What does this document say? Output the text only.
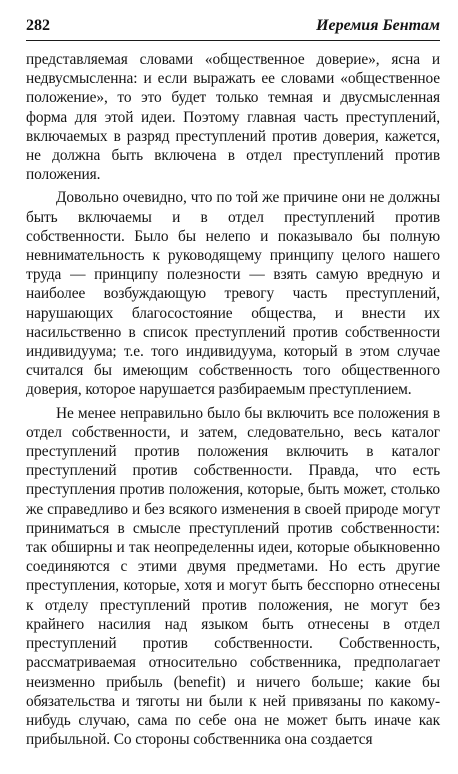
282	Иеремия Бентам

представляемая словами «общественное доверие», ясна и недвусмысленна: и если выражать ее словами «общественное положение», то это будет только темная и двусмысленная форма для этой идеи. Поэтому главная часть преступлений, включаемых в разряд преступлений против доверия, кажется, не должна быть включена в отдел преступлений против положения.

Довольно очевидно, что по той же причине они не должны быть включаемы и в отдел преступлений против собственности. Было бы нелепо и показывало бы полную невнимательность к руководящему принципу целого нашего труда — принципу полезности — взять самую вредную и наиболее возбуждающую тревогу часть преступлений, нарушающих благосостояние общества, и внести их насильственно в список преступлений против собственности индивидуума; т.е. того индивидуума, который в этом случае считался бы имеющим собственность того общественного доверия, которое нарушается разбираемым преступлением.

Не менее неправильно было бы включить все положения в отдел собственности, и затем, следовательно, весь каталог преступлений против положения включить в каталог преступлений против собственности. Правда, что есть преступления против положения, которые, быть может, столько же справедливо и без всякого изменения в своей природе могут приниматься в смысле преступлений против собственности: так обширны и так неопределенны идеи, которые обыкновенно соединяются с этими двумя предметами. Но есть другие преступления, которые, хотя и могут быть бесспорно отнесены к отделу преступлений против положения, не могут без крайнего насилия над языком быть отнесены в отдел преступлений против собственности. Собственность, рассматриваемая относительно собственника, предполагает неизменно прибыль (benefit) и ничего больше; какие бы обязательства и тяготы ни были к ней привязаны по какому-нибудь случаю, сама по себе она не может быть иначе как прибыльной. Со стороны собственника она создается
